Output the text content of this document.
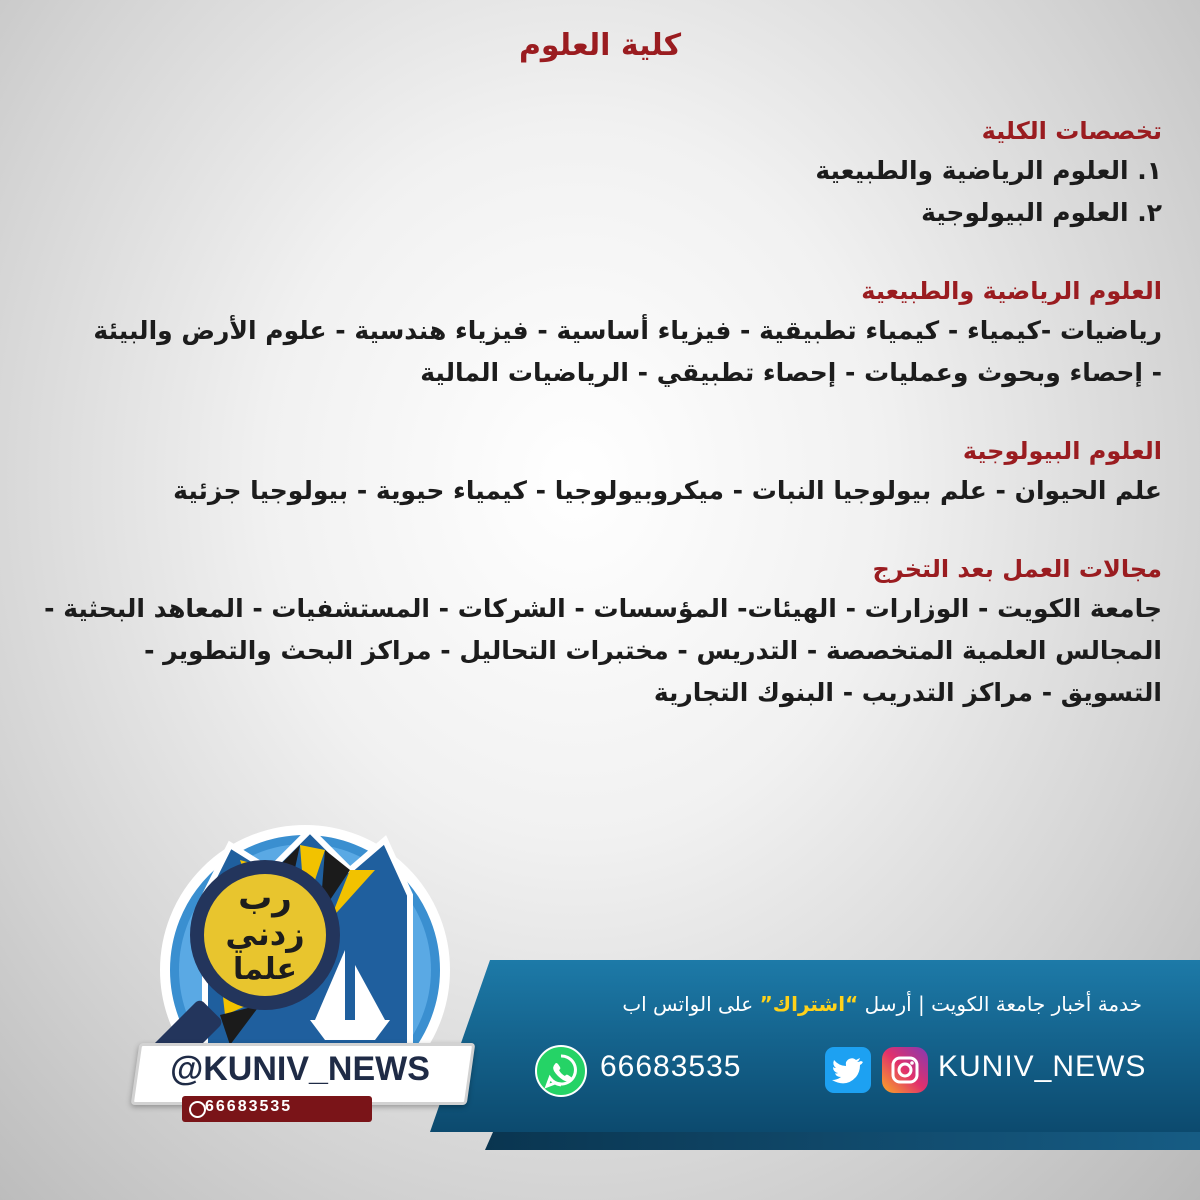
كلية العلوم
تخصصات الكلية
١. العلوم الرياضية والطبيعية
٢. العلوم البيولوجية
العلوم الرياضية والطبيعية
رياضيات -كيمياء - كيمياء تطبيقية - فيزياء أساسية - فيزياء هندسية - علوم الأرض والبيئة
- إحصاء وبحوث وعمليات - إحصاء تطبيقي - الرياضيات المالية
العلوم البيولوجية
علم الحيوان - علم بيولوجيا النبات - ميكروبيولوجيا - كيمياء حيوية - بيولوجيا جزئية
مجالات العمل بعد التخرج
جامعة الكويت - الوزارات - الهيئات- المؤسسات - الشركات - المستشفيات - المعاهد البحثية -
المجالس العلمية المتخصصة - التدريس - مختبرات التحاليل - مراكز البحث والتطوير -
التسويق - مراكز التدريب - البنوك التجارية
خدمة أخبار جامعة الكويت | أرسل “اشتراك” على الواتس اب
66683535	KUNIV_NEWS
رب
زدني
علما
@KUNIV_NEWS
66683535
